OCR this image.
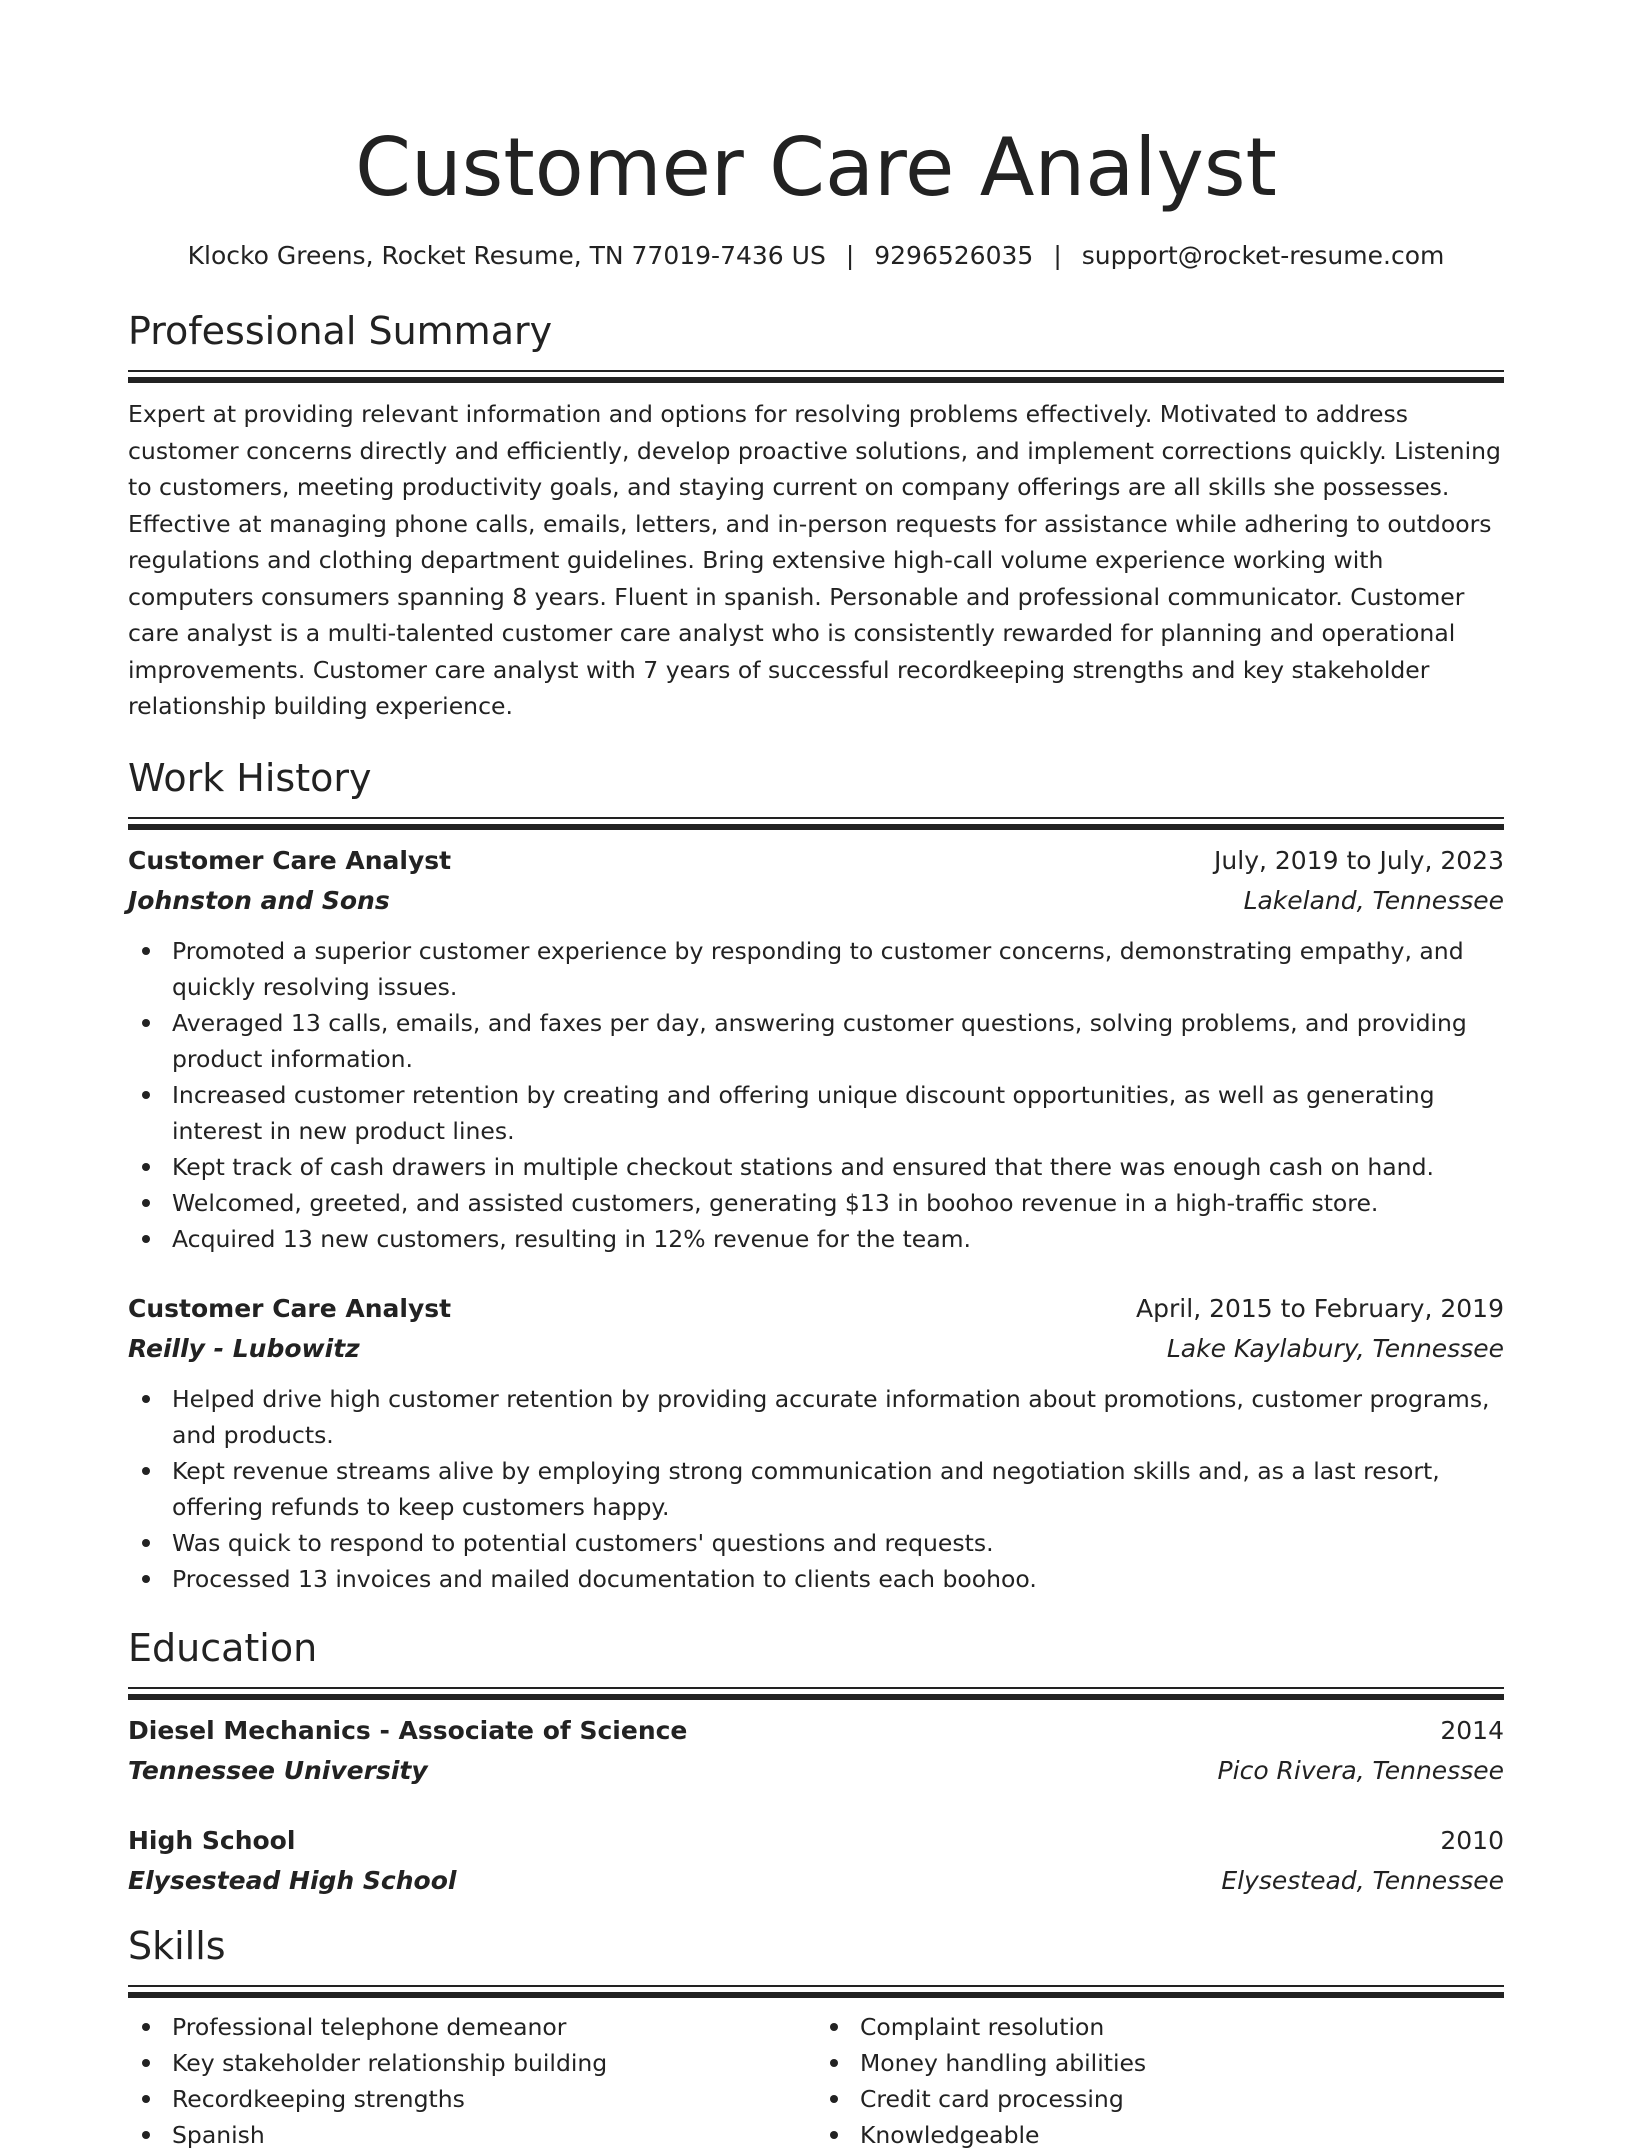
Customer Care Analyst
Klocko Greens, Rocket Resume, TN 77019-7436 US | 9296526035 | support@rocket-resume.com
Professional Summary

Expert at providing relevant information and options for resolving problems effectively. Motivated to address customer concerns directly and efficiently, develop proactive solutions, and implement corrections quickly. Listening to customers, meeting productivity goals, and staying current on company offerings are all skills she possesses. Effective at managing phone calls, emails, letters, and in-person requests for assistance while adhering to outdoors regulations and clothing department guidelines. Bring extensive high-call volume experience working with computers consumers spanning 8 years. Fluent in spanish. Personable and professional communicator. Customer care analyst is a multi-talented customer care analyst who is consistently rewarded for planning and operational improvements. Customer care analyst with 7 years of successful recordkeeping strengths and key stakeholder relationship building experience.

Work History
Customer Care Analyst	July, 2019 to July, 2023
Johnston and Sons	Lakeland, Tennessee
Promoted a superior customer experience by responding to customer concerns, demonstrating empathy, and quickly resolving issues.
Averaged 13 calls, emails, and faxes per day, answering customer questions, solving problems, and providing product information.
Increased customer retention by creating and offering unique discount opportunities, as well as generating interest in new product lines.
Kept track of cash drawers in multiple checkout stations and ensured that there was enough cash on hand.
Welcomed, greeted, and assisted customers, generating $13 in boohoo revenue in a high-traffic store.
Acquired 13 new customers, resulting in 12% revenue for the team.
Customer Care Analyst	April, 2015 to February, 2019
Reilly - Lubowitz	Lake Kaylabury, Tennessee
Helped drive high customer retention by providing accurate information about promotions, customer programs, and products.
Kept revenue streams alive by employing strong communication and negotiation skills and, as a last resort, offering refunds to keep customers happy.
Was quick to respond to potential customers' questions and requests.
Processed 13 invoices and mailed documentation to clients each boohoo.
Education
Diesel Mechanics - Associate of Science	2014
Tennessee University	Pico Rivera, Tennessee
High School	2010
Elysestead High School	Elysestead, Tennessee
Skills
Professional telephone demeanor
Key stakeholder relationship building
Recordkeeping strengths
Spanish
Complaint resolution
Money handling abilities
Credit card processing
Knowledgeable
